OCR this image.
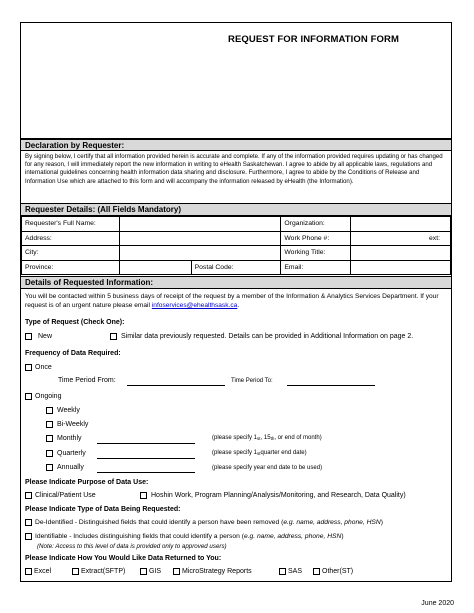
REQUEST FOR INFORMATION FORM
Declaration by Requester:
By signing below, I certify that all information provided herein is accurate and complete. If any of the information provided requires updating or has changed for any reason, I will immediately report the new information in writing to eHealth Saskatchewan. I agree to abide by all applicable laws, regulations and international guidelines concerning health information data sharing and disclosure. Furthermore, I agree to abide by the Conditions of Release and Information Use which are attached to this form and will accompany the information released by eHealth (the Information).
Requester Details: (All Fields Mandatory)
Requester's Full Name:			Organization:	
Address:			Work Phone #:	ext:
City:			Working Title:	
Province:		Postal Code:	Email:	
Details of Requested Information:
You will be contacted within 5 business days of receipt of the request by a member of the Information & Analytics Services Department. If your request is of an urgent nature please email infoservices@ehealthsask.ca.
Type of Request (Check One):
New	Similar data previously requested. Details can be provided in Additional Information on page 2.
Frequency of Data Required:
Once
Time Period From:	Time Period To:
Ongoing
Weekly
Bi-Weekly
Monthly	(please specify 1 st , 15 th , or end of month)
Quarterly	(please specify 1 st quarter end date)
Annually	(please specify year end date to be used)
Please Indicate Purpose of Data Use:
Clinical/Patient Use	Hoshin Work, Program Planning/Analysis/Monitoring, and Research, Data Quality)
Please Indicate Type of Data Being Requested:
De-Identified - Distinguished fields that could identify a person have been removed ( e.g. name, address, phone, HSN )
Identifiable - Includes distinguishing fields that could identify a person ( e.g. name, address, phone, HSN )
(Note: Access to this level of data is provided only to approved users)
Please Indicate How You Would Like Data Returned to You:
Excel	Extract(SFTP)	GIS	MicroStrategy Reports	SAS	Other(ST)
June 2020
